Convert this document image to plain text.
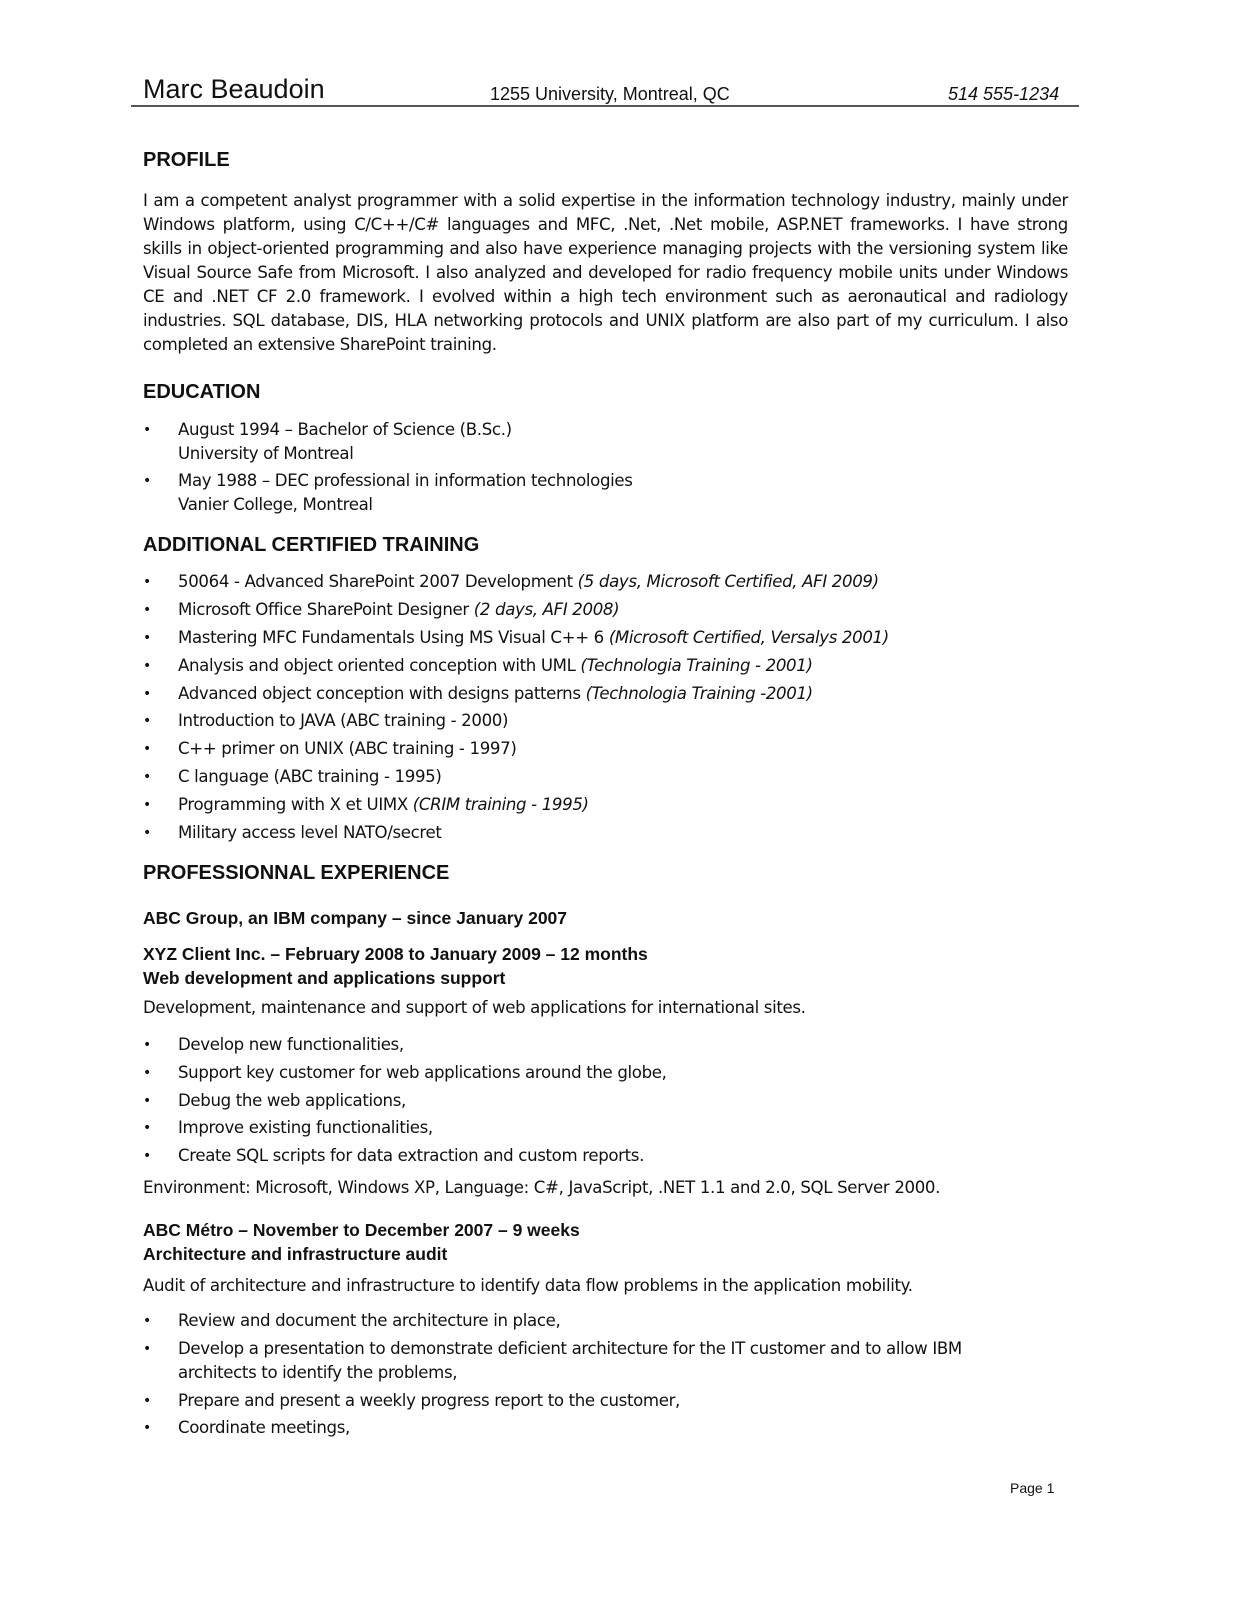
Marc Beaudoin	1255 University, Montreal, QC	514 555-1234
PROFILE
I am a competent analyst programmer with a solid expertise in the information technology industry, mainly under Windows platform, using C/C++/C# languages and MFC, .Net, .Net mobile, ASP.NET frameworks. I have strong skills in object-oriented programming and also have experience managing projects with the versioning system like Visual Source Safe from Microsoft. I also analyzed and developed for radio frequency mobile units under Windows CE and .NET CF 2.0 framework. I evolved within a high tech environment such as aeronautical and radiology industries. SQL database, DIS, HLA networking protocols and UNIX platform are also part of my curriculum. I also completed an extensive SharePoint training.
EDUCATION
• August 1994 – Bachelor of Science (B.Sc.)
University of Montreal
• May 1988 – DEC professional in information technologies
Vanier College, Montreal
ADDITIONAL CERTIFIED TRAINING
• 50064 - Advanced SharePoint 2007 Development (5 days, Microsoft Certified, AFI 2009)
• Microsoft Office SharePoint Designer (2 days, AFI 2008)
• Mastering MFC Fundamentals Using MS Visual C++ 6 (Microsoft Certified, Versalys 2001)
• Analysis and object oriented conception with UML (Technologia Training - 2001)
• Advanced object conception with designs patterns (Technologia Training -2001)
• Introduction to JAVA (ABC training - 2000)
• C++ primer on UNIX (ABC training - 1997)
• C language (ABC training - 1995)
• Programming with X et UIMX (CRIM training - 1995)
• Military access level NATO/secret
PROFESSIONNAL EXPERIENCE
ABC Group, an IBM company – since January 2007
XYZ Client Inc. – February 2008 to January 2009 – 12 months
Web development and applications support
Development, maintenance and support of web applications for international sites.
• Develop new functionalities,
• Support key customer for web applications around the globe,
• Debug the web applications,
• Improve existing functionalities,
• Create SQL scripts for data extraction and custom reports.
Environment: Microsoft, Windows XP, Language: C#, JavaScript, .NET 1.1 and 2.0, SQL Server 2000.
ABC Métro – November to December 2007 – 9 weeks
Architecture and infrastructure audit
Audit of architecture and infrastructure to identify data flow problems in the application mobility.
• Review and document the architecture in place,
• Develop a presentation to demonstrate deficient architecture for the IT customer and to allow IBM architects to identify the problems,
• Prepare and present a weekly progress report to the customer,
• Coordinate meetings,
Page 1
